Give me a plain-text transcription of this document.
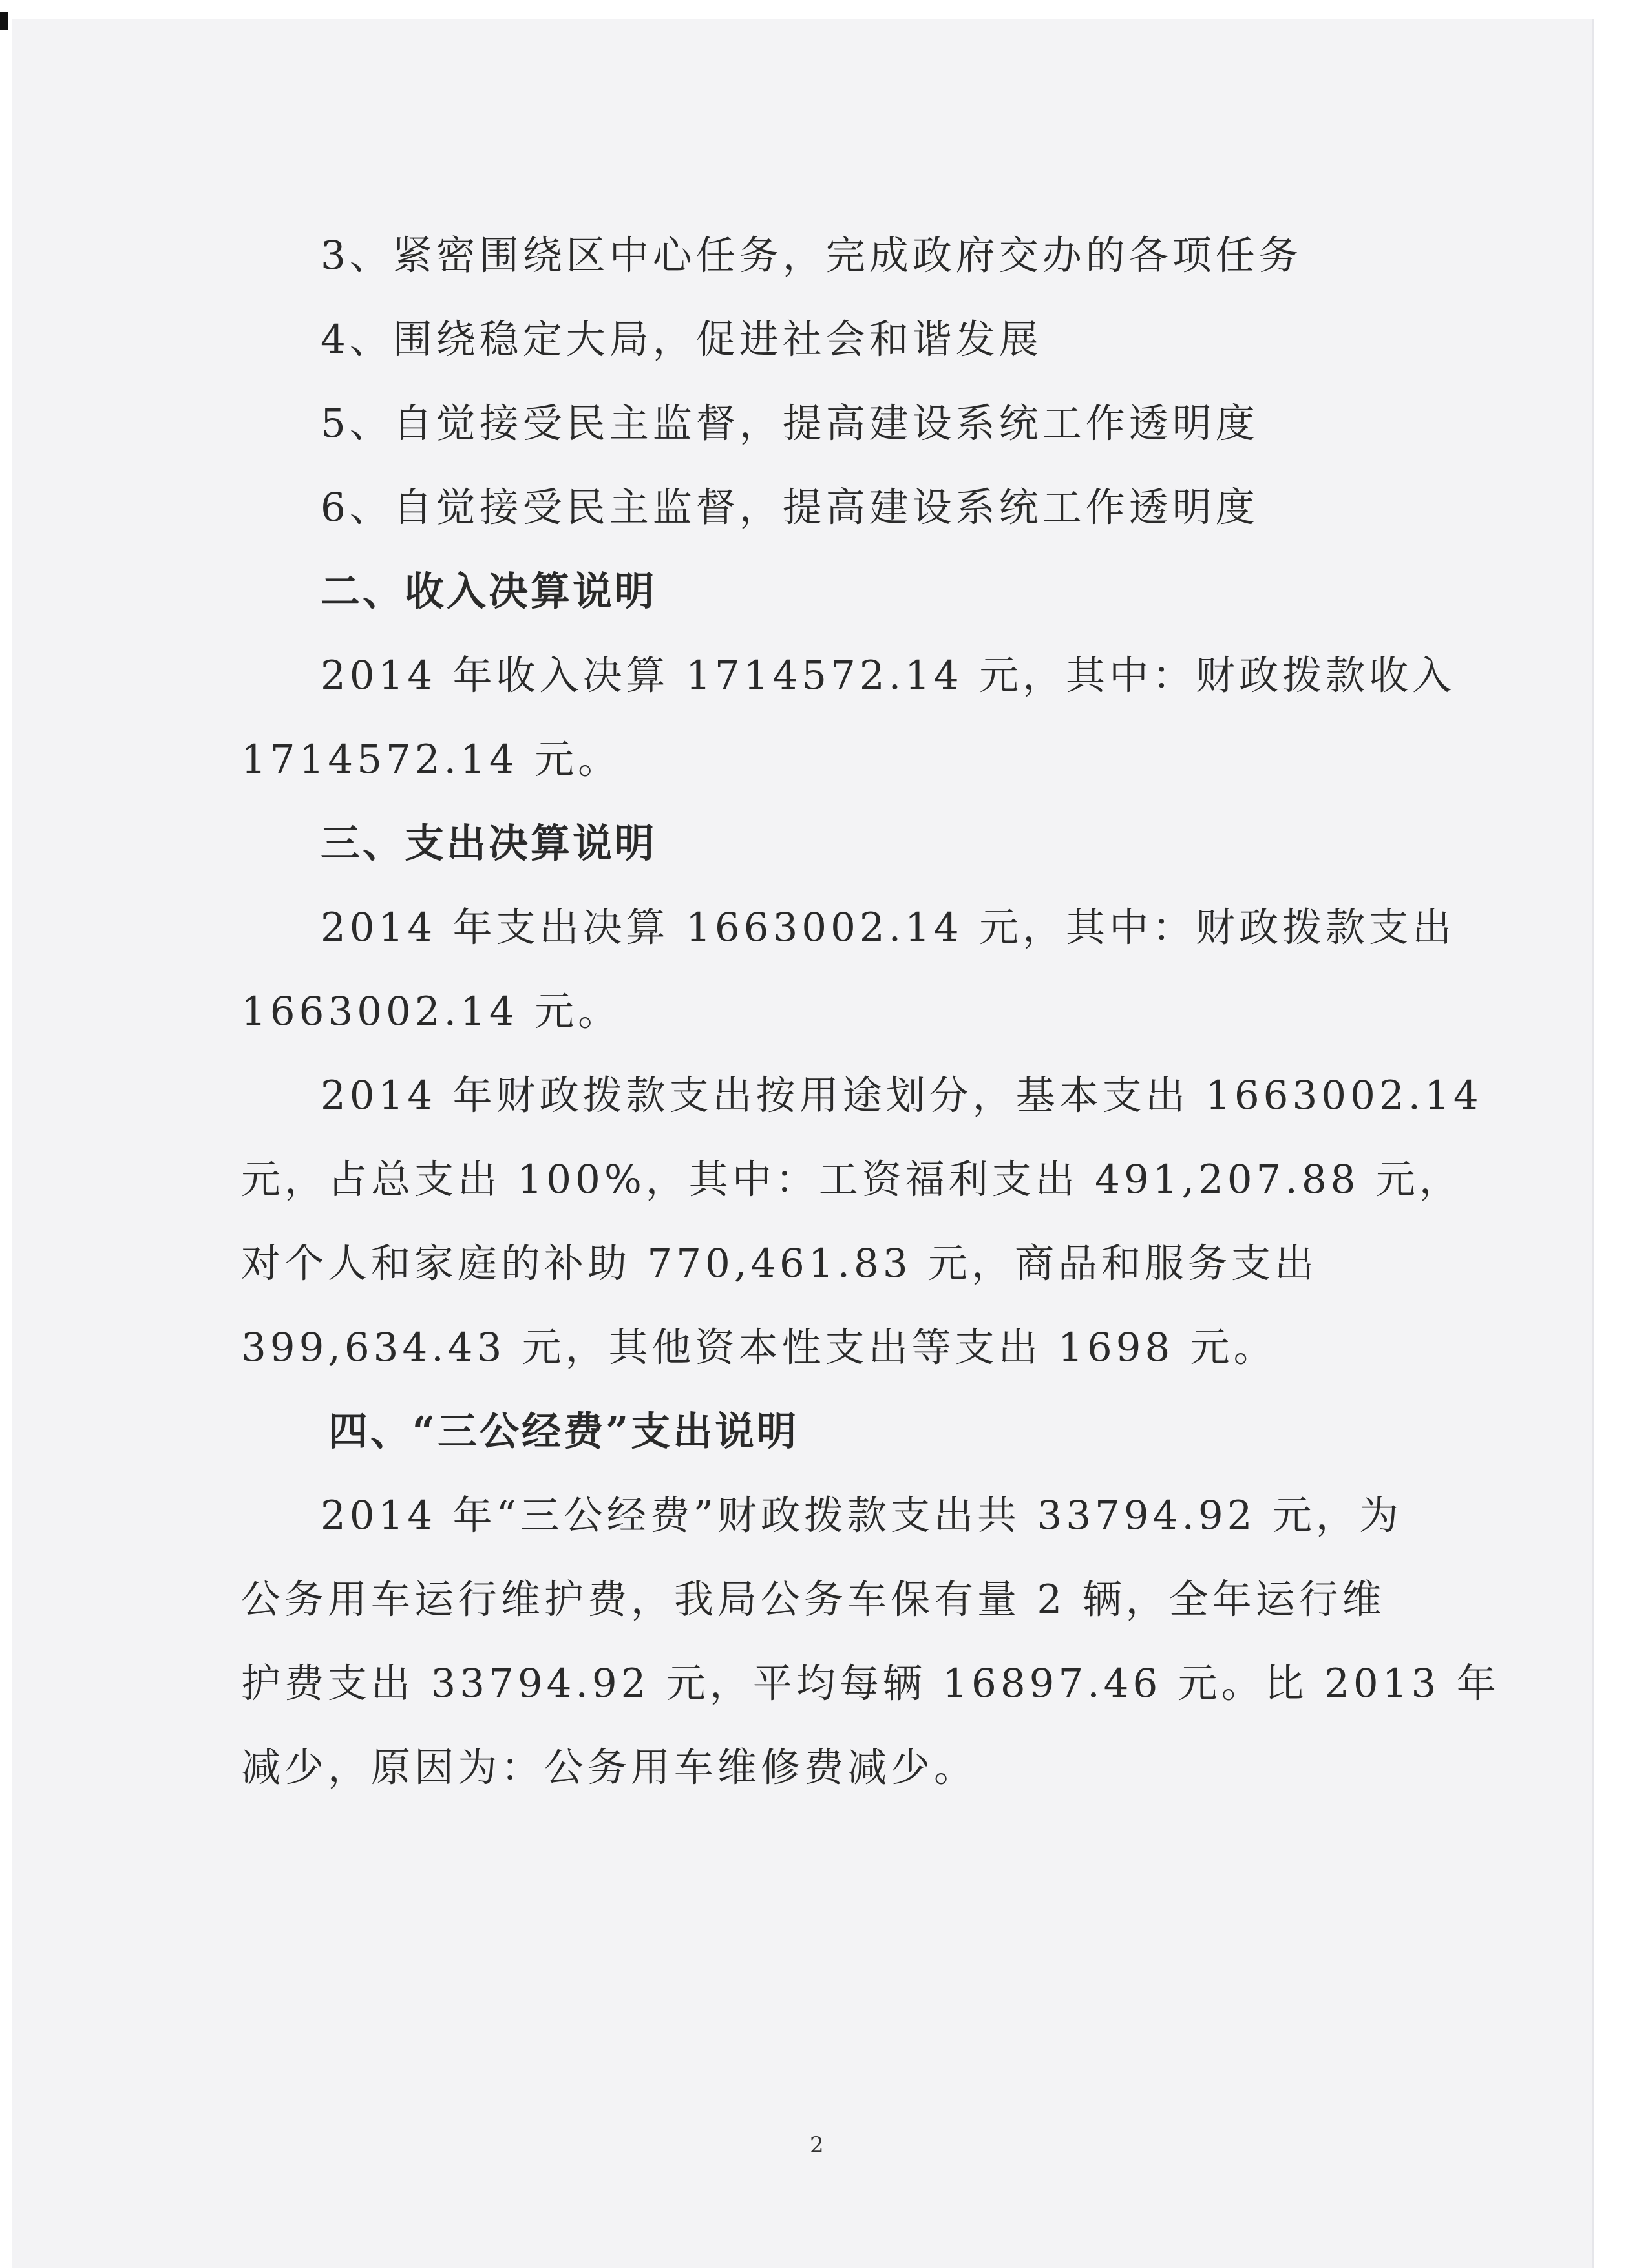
3、紧密围绕区中心任务，完成政府交办的各项任务
4、围绕稳定大局，促进社会和谐发展
5、自觉接受民主监督，提高建设系统工作透明度
6、自觉接受民主监督，提高建设系统工作透明度
二、收入决算说明
2014 年收入决算 1714572.14 元，其中：财政拨款收入
1714572.14 元。
三、支出决算说明
2014 年支出决算 1663002.14 元，其中：财政拨款支出
1663002.14 元。
2014 年财政拨款支出按用途划分，基本支出 1663002.14
元，占总支出 100%，其中：工资福利支出 491,207.88 元，
对个人和家庭的补助 770,461.83 元，商品和服务支出
399,634.43 元，其他资本性支出等支出 1698 元。
四、“三公经费”支出说明
2014 年“三公经费”财政拨款支出共 33794.92 元，为
公务用车运行维护费，我局公务车保有量 2 辆，全年运行维
护费支出 33794.92 元，平均每辆 16897.46 元。比 2013 年
减少，原因为：公务用车维修费减少。
2
